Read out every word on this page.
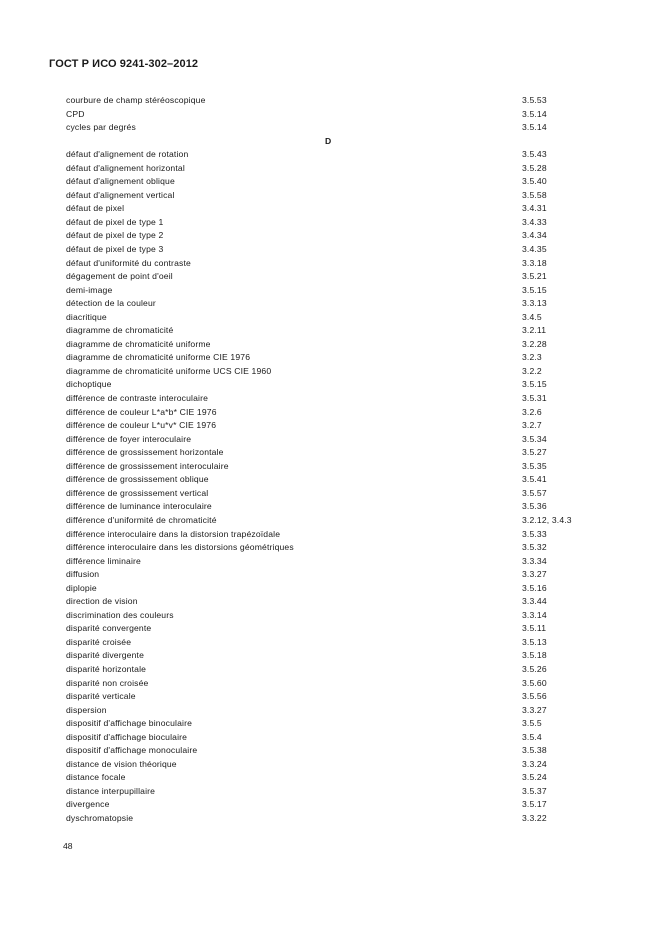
ГОСТ Р ИСО 9241-302–2012
courbure de champ stéréoscopique	3.5.53
CPD	3.5.14
cycles par degrés	3.5.14
D
défaut d'alignement de rotation	3.5.43
défaut d'alignement horizontal	3.5.28
défaut d'alignement oblique	3.5.40
défaut d'alignement vertical	3.5.58
défaut de pixel	3.4.31
défaut de pixel de type 1	3.4.33
défaut de pixel de type 2	3.4.34
défaut de pixel de type 3	3.4.35
défaut d'uniformité du contraste	3.3.18
dégagement de point d'oeil	3.5.21
demi-image	3.5.15
détection de la couleur	3.3.13
diacritique	3.4.5
diagramme de chromaticité	3.2.11
diagramme de chromaticité uniforme	3.2.28
diagramme de chromaticité uniforme CIE 1976	3.2.3
diagramme de chromaticité uniforme UCS CIE 1960	3.2.2
dichoptique	3.5.15
différence de contraste interoculaire	3.5.31
différence de couleur L*a*b* CIE 1976	3.2.6
différence de couleur L*u*v* CIE 1976	3.2.7
différence de foyer interoculaire	3.5.34
différence de grossissement horizontale	3.5.27
différence de grossissement interoculaire	3.5.35
différence de grossissement oblique	3.5.41
différence de grossissement vertical	3.5.57
différence de luminance interoculaire	3.5.36
différence d'uniformité de chromaticité	3.2.12, 3.4.3
différence interoculaire dans la distorsion trapézoïdale	3.5.33
différence interoculaire dans les distorsions géométriques	3.5.32
différence liminaire	3.3.34
diffusion	3.3.27
diplopie	3.5.16
direction de vision	3.3.44
discrimination des couleurs	3.3.14
disparité convergente	3.5.11
disparité croisée	3.5.13
disparité divergente	3.5.18
disparité horizontale	3.5.26
disparité non croisée	3.5.60
disparité verticale	3.5.56
dispersion	3.3.27
dispositif d'affichage binoculaire	3.5.5
dispositif d'affichage bioculaire	3.5.4
dispositif d'affichage monoculaire	3.5.38
distance de vision théorique	3.3.24
distance focale	3.5.24
distance interpupillaire	3.5.37
divergence	3.5.17
dyschromatopsie	3.3.22
48
